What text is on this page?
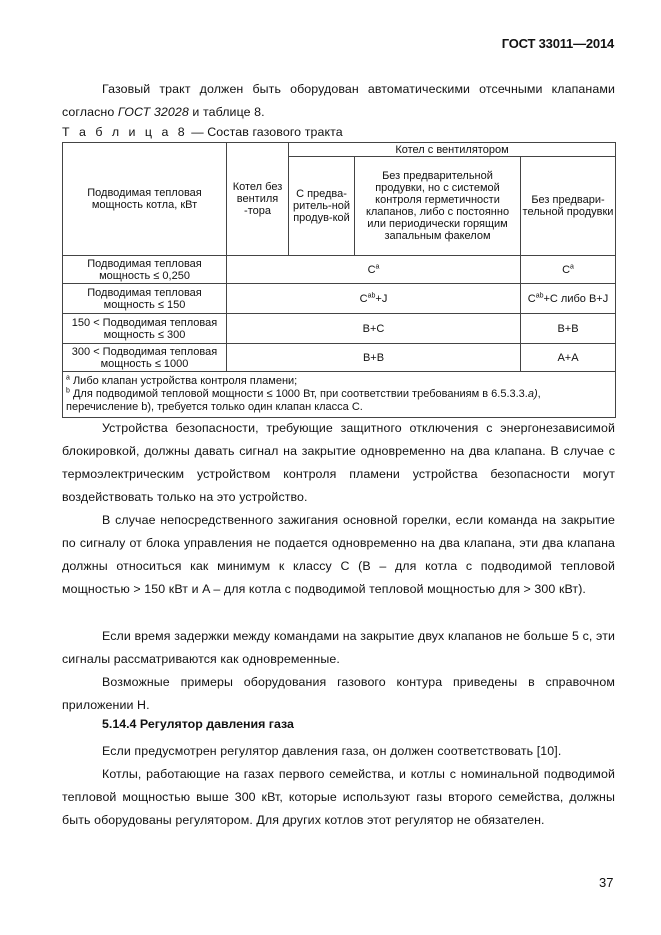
ГОСТ 33011—2014

Газовый тракт должен быть оборудован автоматическими отсечными клапанами согласно ГОСТ 32028 и таблице 8.

Т а б л и ц а 8 — Состав газового тракта
Подводимая тепловая мощность котла, кВт	Котел без вентиля -тора	Котел с вентилятором		
		С предва-ритель-ной продув-кой	Без предварительной продувки, но с системой контроля герметичности клапанов, либо с постоянно или периодически горящим запальным факелом	Без предвари-тельной продувки
Подводимая тепловая мощность ≤ 0,250	$C^a$			$C^a$
Подводимая тепловая мощность ≤ 150	$C^{ab}+J$			$C^{ab}+C$ либо B+J
150 < Подводимая тепловая мощность ≤ 300	B+C			B+B
300 < Подводимая тепловая мощность ≤ 1000	B+B			A+A

$^a$ Либо клапан устройства контроля пламени;
$^b$ Для подводимой тепловой мощности ≤ 1000 Вт, при соответствии требованиям в 6.5.3.3.а), перечисление b), требуется только один клапан класса C.				

Устройства безопасности, требующие защитного отключения с энергонезависимой блокировкой, должны давать сигнал на закрытие одновременно на два клапана. В случае с термоэлектрическим устройством контроля пламени устройства безопасности могут воздействовать только на это устройство.

В случае непосредственного зажигания основной горелки, если команда на закрытие по сигналу от блока управления не подается одновременно на два клапана, эти два клапана должны относиться как минимум к классу C (B – для котла с подводимой тепловой мощностью > 150 кВт и A – для котла с подводимой тепловой мощностью для > 300 кВт).

Если время задержки между командами на закрытие двух клапанов не больше 5 с, эти сигналы рассматриваются как одновременные.

Возможные примеры оборудования газового контура приведены в справочном приложении Н.

5.14.4 Регулятор давления газа

Если предусмотрен регулятор давления газа, он должен соответствовать [10].

Котлы, работающие на газах первого семейства, и котлы с номинальной подводимой тепловой мощностью выше 300 кВт, которые используют газы второго семейства, должны быть оборудованы регулятором. Для других котлов этот регулятор не обязателен.

37
